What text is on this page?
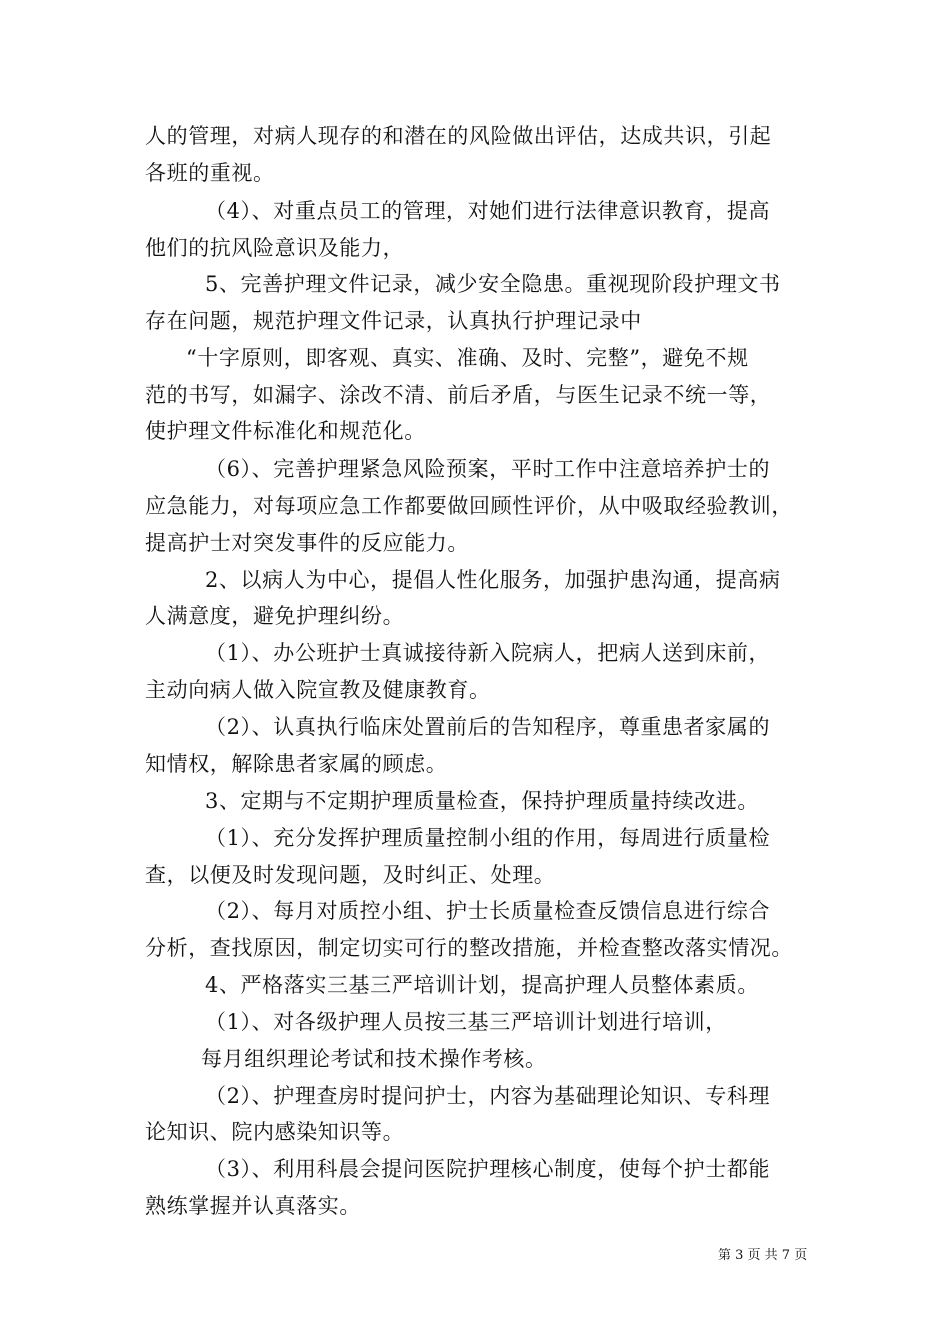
人的管理，对病人现存的和潜在的风险做出评估，达成共识，引起
各班的重视。
（4）、对重点员工的管理，对她们进行法律意识教育，提高
他们的抗风险意识及能力，
5、完善护理文件记录，减少安全隐患。重视现阶段护理文书
存在问题，规范护理文件记录，认真执行护理记录中
“十字原则，即客观、真实、准确、及时、完整”，避免不规
范的书写，如漏字、涂改不清、前后矛盾，与医生记录不统一等，
使护理文件标准化和规范化。
（6）、完善护理紧急风险预案，平时工作中注意培养护士的
应急能力，对每项应急工作都要做回顾性评价，从中吸取经验教训，
提高护士对突发事件的反应能力。
2、以病人为中心，提倡人性化服务，加强护患沟通，提高病
人满意度，避免护理纠纷。
（1）、办公班护士真诚接待新入院病人，把病人送到床前，
主动向病人做入院宣教及健康教育。
（2）、认真执行临床处置前后的告知程序，尊重患者家属的
知情权，解除患者家属的顾虑。
3、定期与不定期护理质量检查，保持护理质量持续改进。
（1）、充分发挥护理质量控制小组的作用，每周进行质量检
查，以便及时发现问题，及时纠正、处理。
（2）、每月对质控小组、护士长质量检查反馈信息进行综合
分析，查找原因，制定切实可行的整改措施，并检查整改落实情况。
4、严格落实三基三严培训计划，提高护理人员整体素质。
（1）、对各级护理人员按三基三严培训计划进行培训，
每月组织理论考试和技术操作考核。
（2）、护理查房时提问护士，内容为基础理论知识、专科理
论知识、院内感染知识等。
（3）、利用科晨会提问医院护理核心制度，使每个护士都能
熟练掌握并认真落实。
第 3 页 共 7 页
